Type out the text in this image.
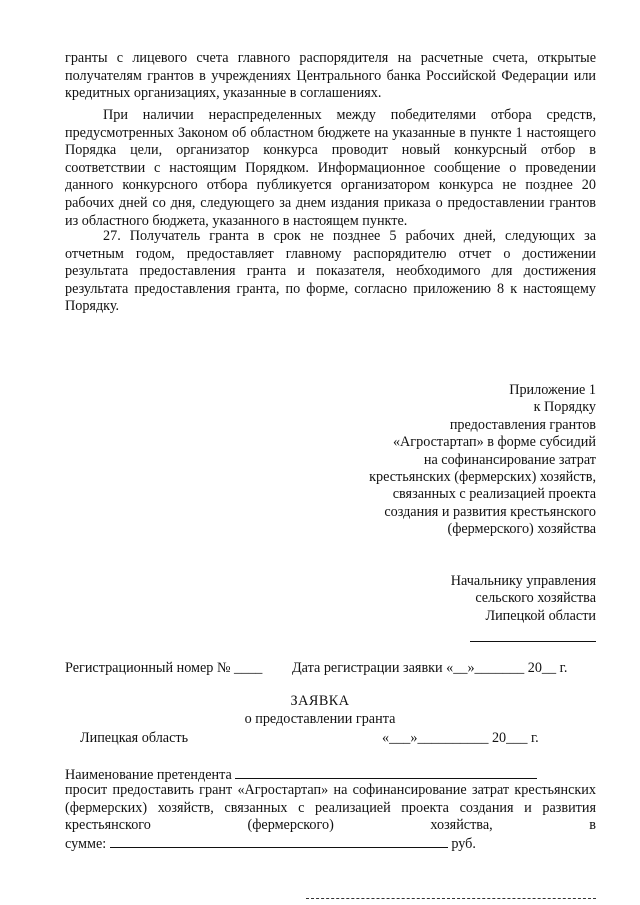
гранты с лицевого счета главного распорядителя на расчетные счета, открытые получателям грантов в учреждениях Центрального банка Российской Федерации или кредитных организациях, указанные в соглашениях.

При наличии нераспределенных между победителями отбора средств, предусмотренных Законом об областном бюджете на указанные в пункте 1 настоящего Порядка цели, организатор конкурса проводит новый конкурсный отбор в соответствии с настоящим Порядком. Информационное сообщение о проведении данного конкурсного отбора публикуется организатором конкурса не позднее 20 рабочих дней со дня, следующего за днем издания приказа о предоставлении грантов из областного бюджета, указанного в настоящем пункте.

27. Получатель гранта в срок не позднее 5 рабочих дней, следующих за отчетным годом, предоставляет главному распорядителю отчет о достижении результата предоставления гранта и показателя, необходимого для достижения результата предоставления гранта, по форме, согласно приложению 8 к настоящему Порядку.

Приложение 1
к Порядку
предоставления грантов
«Агростартап» в форме субсидий
на софинансирование затрат
крестьянских (фермерских) хозяйств,
связанных с реализацией проекта
создания и развития крестьянского
(фермерского) хозяйства
Начальнику управления
сельского хозяйства
Липецкой области
Регистрационный номер № ____ Дата регистрации заявки «__»_______ 20__ г.
ЗАЯВКА
о предоставлении гранта
Липецкая область	«___»__________ 20___ г.
Наименование претендента

просит предоставить грант «Агростартап» на софинансирование затрат крестьянских (фермерских) хозяйств, связанных с реализацией проекта создания и развития крестьянского (фермерского) хозяйства, в

сумме:	руб.
